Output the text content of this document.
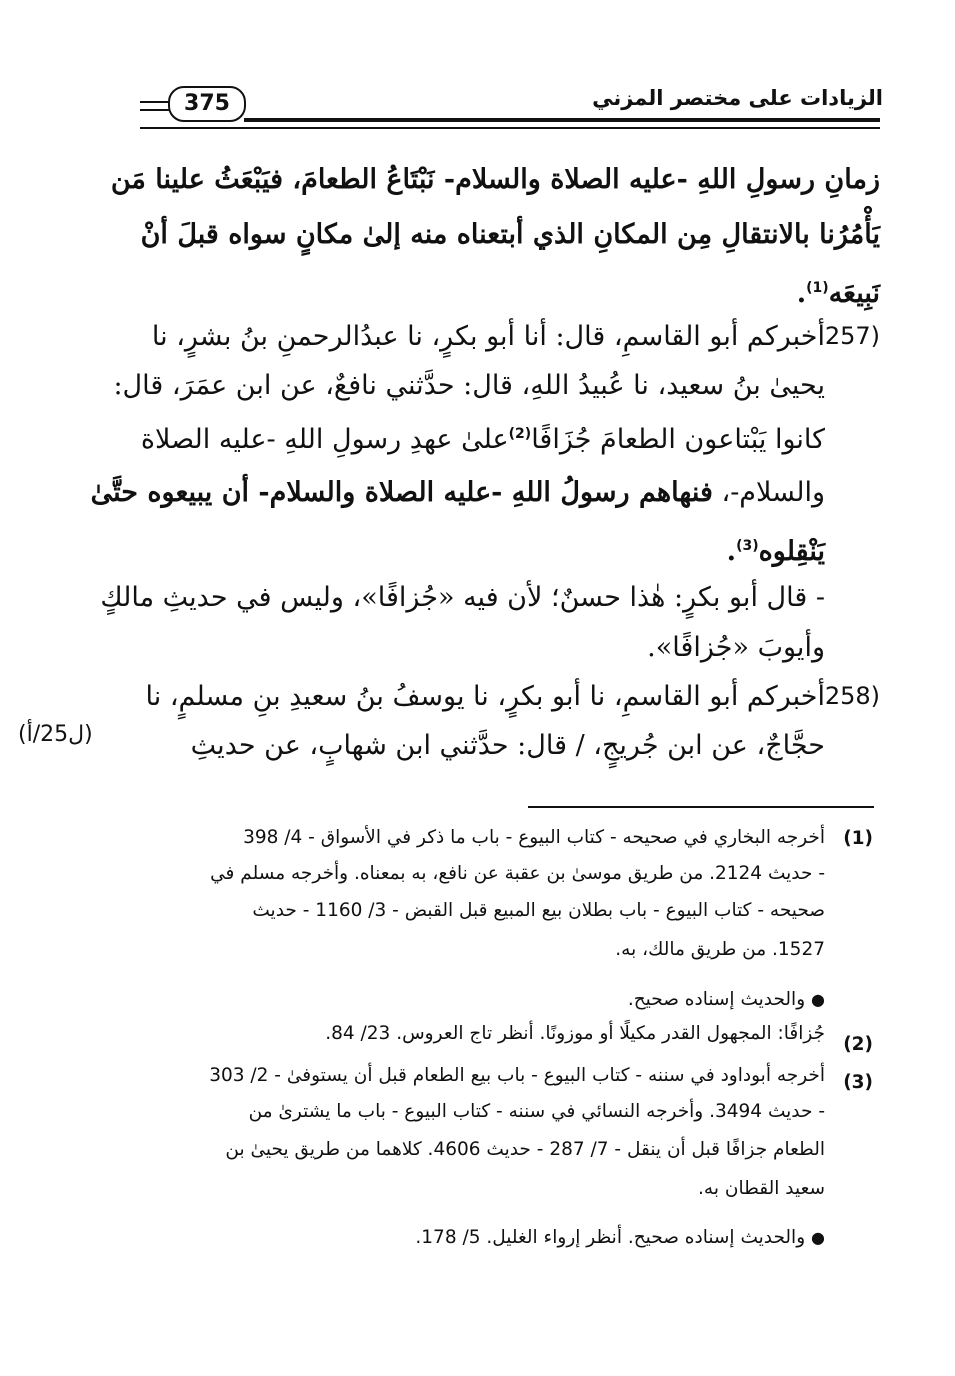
الزيادات على مختصر المزني
375
زمانِ رسولِ اللهِ -عليه الصلاة والسلام- نَبْتَاعُ الطعامَ، فيَبْعَثُ علينا مَن
يَأْمُرُنا بالانتقالِ مِن المكانِ الذي أبتعناه منه إلىٰ مكانٍ سواه قبلَ أنْ
نَبِيعَه$^{(1)}$.
257)
أخبركم أبو القاسمِ، قال: أنا أبو بكرٍ، نا عبدُالرحمنِ بنُ بشرٍ، نا
يحيىٰ بنُ سعيد، نا عُبيدُ اللهِ، قال: حدَّثني نافعٌ، عن ابن عمَرَ، قال:
كانوا يَبْتاعون الطعامَ جُزَافًا$^{(2)}$علىٰ عهدِ رسولِ اللهِ -عليه الصلاة
والسلام-، فنهاهم رسولُ اللهِ -عليه الصلاة والسلام- أن يبيعوه حتَّىٰ
يَنْقِلوه$^{(3)}$.
- قال أبو بكرٍ: هٰذا حسنٌ؛ لأن فيه «جُزافًا»، وليس في حديثِ مالكٍ
وأيوبَ «جُزافًا».
258)
أخبركم أبو القاسمِ، نا أبو بكرٍ، نا يوسفُ بنُ سعيدِ بنِ مسلمٍ، نا
حجَّاجٌ، عن ابن جُريجٍ، / قال: حدَّثني ابن شهابٍ، عن حديثِ
(ل25/أ)
(1)
أخرجه البخاري في صحيحه - كتاب البيوع - باب ما ذكر في الأسواق - 4/ 398
- حديث 2124. من طريق موسىٰ بن عقبة عن نافع، به بمعناه. وأخرجه مسلم في
صحيحه - كتاب البيوع - باب بطلان بيع المبيع قبل القبض - 3/ 1160 - حديث
1527. من طريق مالك، به.
● والحديث إسناده صحيح.
(2)
جُزافًا: المجهول القدر مكيلًا أو موزونًا. أنظر تاج العروس. 23/ 84.
(3)
أخرجه أبوداود في سننه - كتاب البيوع - باب بيع الطعام قبل أن يستوفىٰ - 2/ 303
- حديث 3494. وأخرجه النسائي في سننه - كتاب البيوع - باب ما يشترىٰ من
الطعام جزافًا قبل أن ينقل - 7/ 287 - حديث 4606. كلاهما من طريق يحيىٰ بن
سعيد القطان به.
● والحديث إسناده صحيح. أنظر إرواء الغليل. 5/ 178.
